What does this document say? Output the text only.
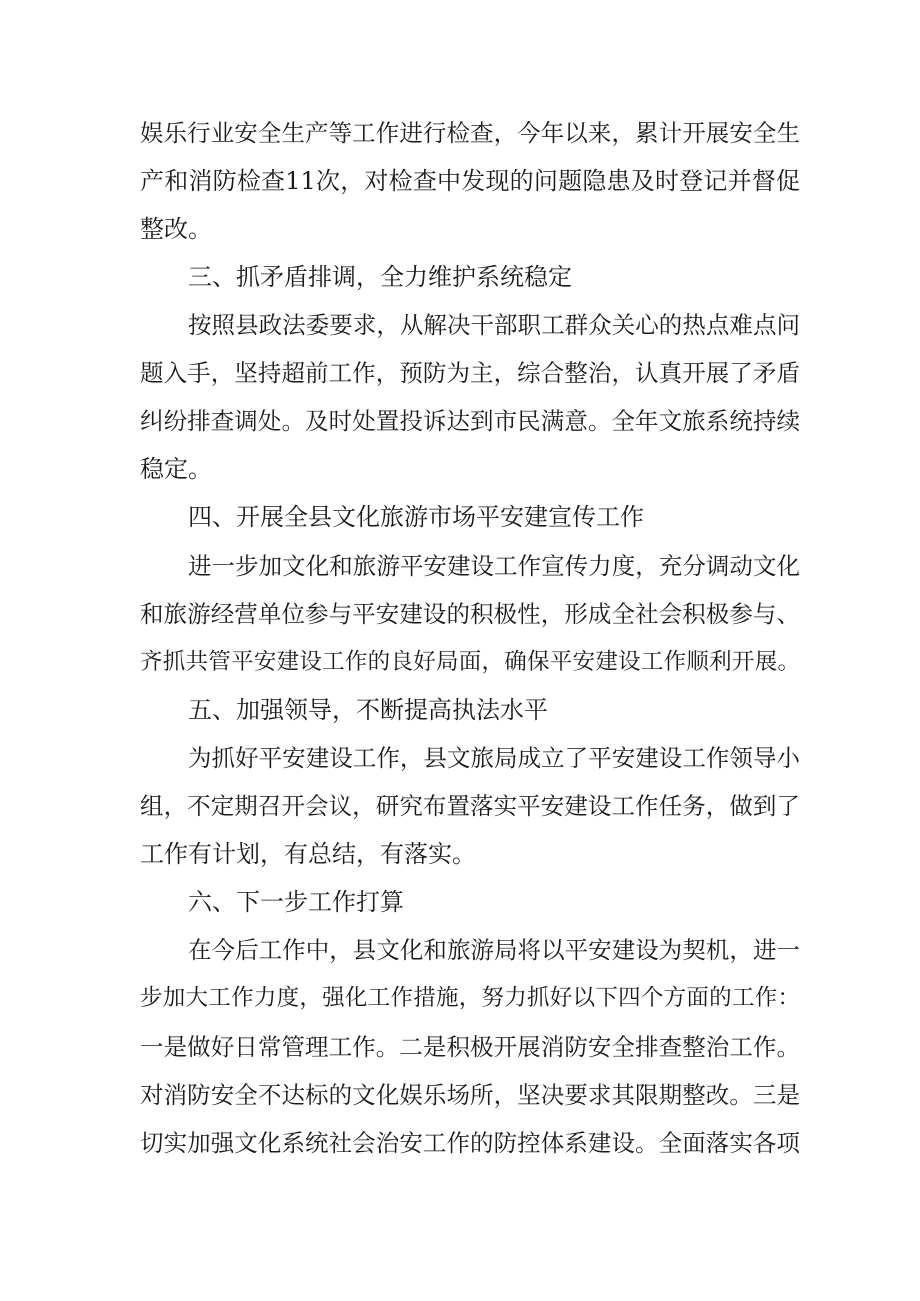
娱乐行业安全生产等工作进行检查，今年以来，累计开展安全生
产和消防检查11次，对检查中发现的问题隐患及时登记并督促
整改。
三、抓矛盾排调，全力维护系统稳定
按照县政法委要求，从解决干部职工群众关心的热点难点问
题入手，坚持超前工作，预防为主，综合整治，认真开展了矛盾
纠纷排查调处。及时处置投诉达到市民满意。全年文旅系统持续
稳定。
四、开展全县文化旅游市场平安建宣传工作
进一步加文化和旅游平安建设工作宣传力度，充分调动文化
和旅游经营单位参与平安建设的积极性，形成全社会积极参与、
齐抓共管平安建设工作的良好局面，确保平安建设工作顺利开展。
五、加强领导，不断提高执法水平
为抓好平安建设工作，县文旅局成立了平安建设工作领导小
组，不定期召开会议，研究布置落实平安建设工作任务，做到了
工作有计划，有总结，有落实。
六、下一步工作打算
在今后工作中，县文化和旅游局将以平安建设为契机，进一
步加大工作力度，强化工作措施，努力抓好以下四个方面的工作：
一是做好日常管理工作。二是积极开展消防安全排查整治工作。
对消防安全不达标的文化娱乐场所，坚决要求其限期整改。三是
切实加强文化系统社会治安工作的防控体系建设。全面落实各项
